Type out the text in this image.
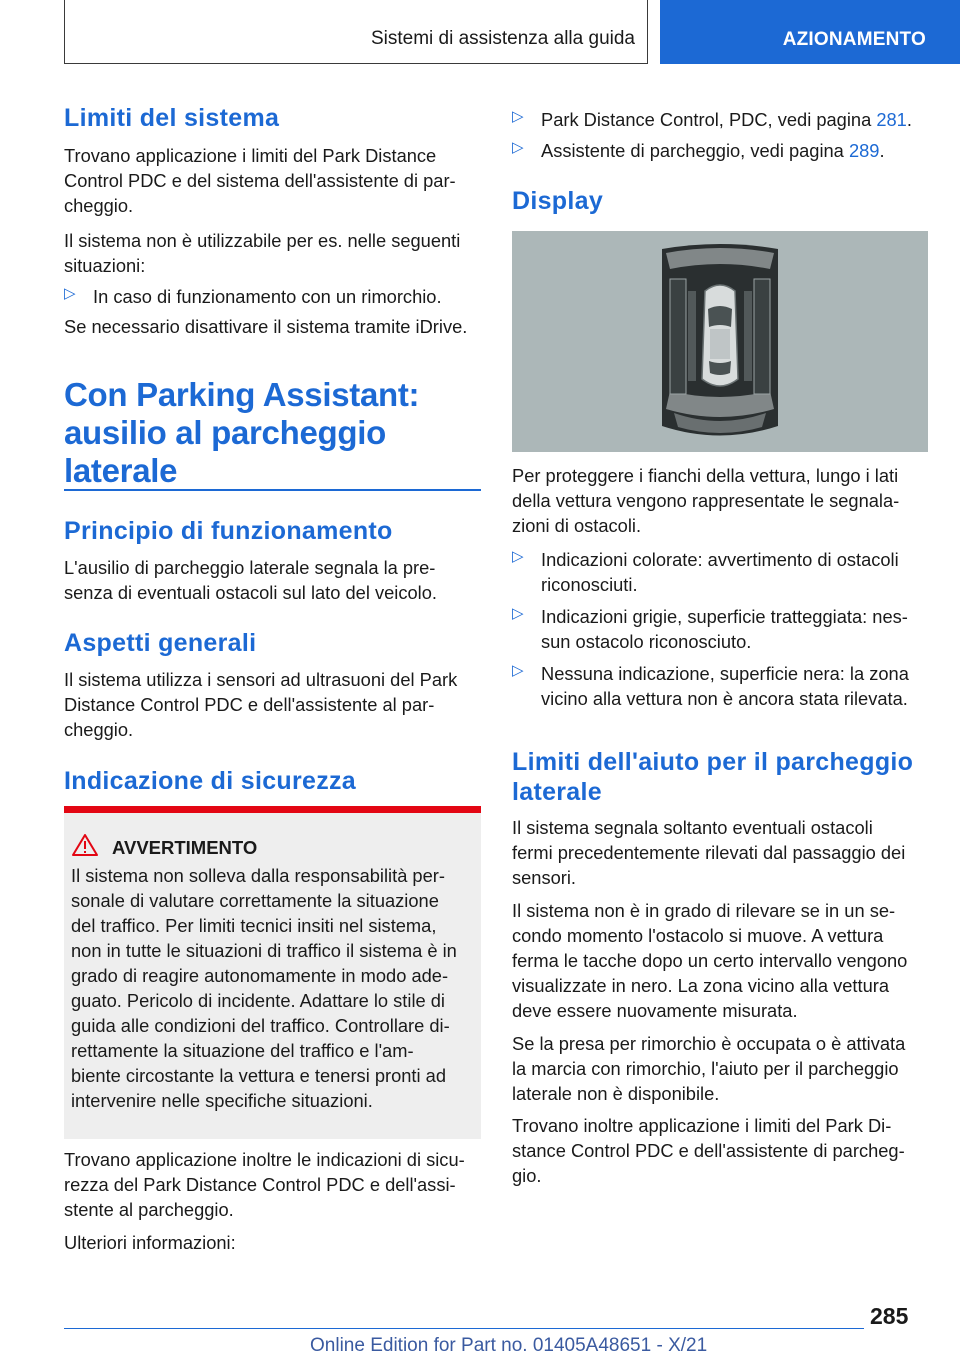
Sistemi di assistenza alla guida	AZIONAMENTO
Limiti del sistema

Trovano applicazione i limiti del Park Distance

Control PDC e del sistema dell'assistente di par‐

cheggio.

Il sistema non è utilizzabile per es. nelle seguenti

situazioni:

▷ In caso di funzionamento con un rimorchio.

Se necessario disattivare il sistema tramite iDrive.

Con Parking Assistant:
ausilio al parcheggio
laterale
Principio di funzionamento

L'ausilio di parcheggio laterale segnala la pre‐

senza di eventuali ostacoli sul lato del veicolo.

Aspetti generali

Il sistema utilizza i sensori ad ultrasuoni del Park

Distance Control PDC e dell'assistente al par‐

cheggio.

Indicazione di sicurezza
AVVERTIMENTO

Il sistema non solleva dalla responsabilità per‐

sonale di valutare correttamente la situazione

del traffico. Per limiti tecnici insiti nel sistema,

non in tutte le situazioni di traffico il sistema è in

grado di reagire autonomamente in modo ade‐

guato. Pericolo di incidente. Adattare lo stile di

guida alle condizioni del traffico. Controllare di‐

rettamente la situazione del traffico e l'am‐

biente circostante la vettura e tenersi pronti ad

intervenire nelle specifiche situazioni.

Trovano applicazione inoltre le indicazioni di sicu‐

rezza del Park Distance Control PDC e dell'assi‐

stente al parcheggio.

Ulteriori informazioni:

▷ Park Distance Control, PDC, vedi pagina 281.

▷ Assistente di parcheggio, vedi pagina 289.

Display

Per proteggere i fianchi della vettura, lungo i lati

della vettura vengono rappresentate le segnala‐

zioni di ostacoli.

▷ Indicazioni colorate: avvertimento di ostacoli

riconosciuti.

▷ Indicazioni grigie, superficie tratteggiata: nes‐

sun ostacolo riconosciuto.

▷ Nessuna indicazione, superficie nera: la zona

vicino alla vettura non è ancora stata rilevata.

Limiti dell'aiuto per il parcheggio
laterale

Il sistema segnala soltanto eventuali ostacoli

fermi precedentemente rilevati dal passaggio dei

sensori.

Il sistema non è in grado di rilevare se in un se‐

condo momento l'ostacolo si muove. A vettura

ferma le tacche dopo un certo intervallo vengono

visualizzate in nero. La zona vicino alla vettura

deve essere nuovamente misurata.

Se la presa per rimorchio è occupata o è attivata

la marcia con rimorchio, l'aiuto per il parcheggio

laterale non è disponibile.

Trovano inoltre applicazione i limiti del Park Di‐

stance Control PDC e dell'assistente di parcheg‐

gio.

285
Online Edition for Part no. 01405A48651 - X/21
